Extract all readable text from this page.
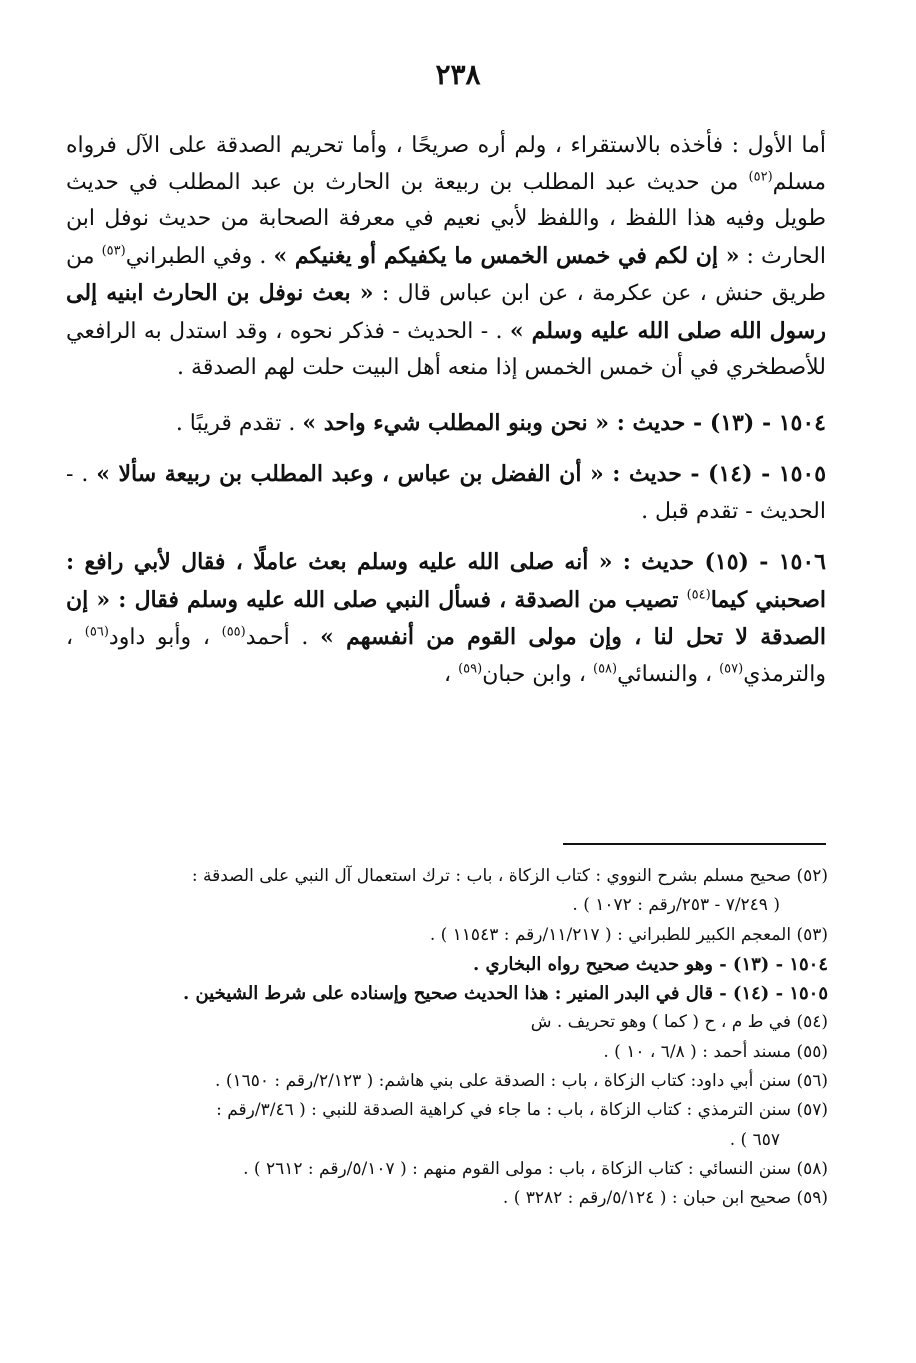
٢٣٨

أما الأول : فأخذه بالاستقراء ، ولم أره صريحًا ، وأما تحريم الصدقة على الآل فرواه مسلم$^{(٥٢)}$ من حديث عبد المطلب بن ربيعة بن الحارث بن عبد المطلب في حديث طويل وفيه هذا اللفظ ، واللفظ لأبي نعيم في معرفة الصحابة من حديث نوفل ابن الحارث : « إن لكم في خمس الخمس ما يكفيكم أو يغنيكم » . وفي الطبراني$^{(٥٣)}$ من طريق حنش ، عن عكرمة ، عن ابن عباس قال : « بعث نوفل بن الحارث ابنيه إلى رسول الله صلى الله عليه وسلم » . - الحديث - فذكر نحوه ، وقد استدل به الرافعي للأصطخري في أن خمس الخمس إذا منعه أهل البيت حلت لهم الصدقة .

١٥٠٤ - (١٣) - حديث : « نحن وبنو المطلب شيء واحد » . تقدم قريبًا .

١٥٠٥ - (١٤) - حديث : « أن الفضل بن عباس ، وعبد المطلب بن ربيعة سألا » . - الحديث - تقدم قبل .

١٥٠٦ - (١٥) حديث : « أنه صلى الله عليه وسلم بعث عاملًا ، فقال لأبي رافع : اصحبني كيما$^{(٥٤)}$ تصيب من الصدقة ، فسأل النبي صلى الله عليه وسلم فقال : « إن الصدقة لا تحل لنا ، وإن مولى القوم من أنفسهم » . أحمد$^{(٥٥)}$ ، وأبو داود$^{(٥٦)}$ ، والترمذي$^{(٥٧)}$ ، والنسائي$^{(٥٨)}$ ، وابن حبان$^{(٥٩)}$ ،

(٥٢) صحيح مسلم بشرح النووي : كتاب الزكاة ، باب : ترك استعمال آل النبي على الصدقة :
( ٧/٢٤٩ - ٢٥٣/رقم : ١٠٧٢ ) .

(٥٣) المعجم الكبير للطبراني : ( ١١/٢١٧/رقم : ١١٥٤٣ ) .

١٥٠٤ - (١٣) - وهو حديث صحيح رواه البخاري .

١٥٠٥ - (١٤) - قال في البدر المنير : هذا الحديث صحيح وإسناده على شرط الشيخين .

(٥٤) في ط م ، ح ( كما ) وهو تحريف . ش

(٥٥) مسند أحمد : ( ٦/٨ ، ١٠ ) .

(٥٦) سنن أبي داود: كتاب الزكاة ، باب : الصدقة على بني هاشم: ( ٢/١٢٣/رقم : ١٦٥٠) .

(٥٧) سنن الترمذي : كتاب الزكاة ، باب : ما جاء في كراهية الصدقة للنبي : ( ٣/٤٦/رقم :
٦٥٧ ) .

(٥٨) سنن النسائي : كتاب الزكاة ، باب : مولى القوم منهم : ( ٥/١٠٧/رقم : ٢٦١٢ ) .

(٥٩) صحيح ابن حبان : ( ٥/١٢٤/رقم : ٣٢٨٢ ) .
